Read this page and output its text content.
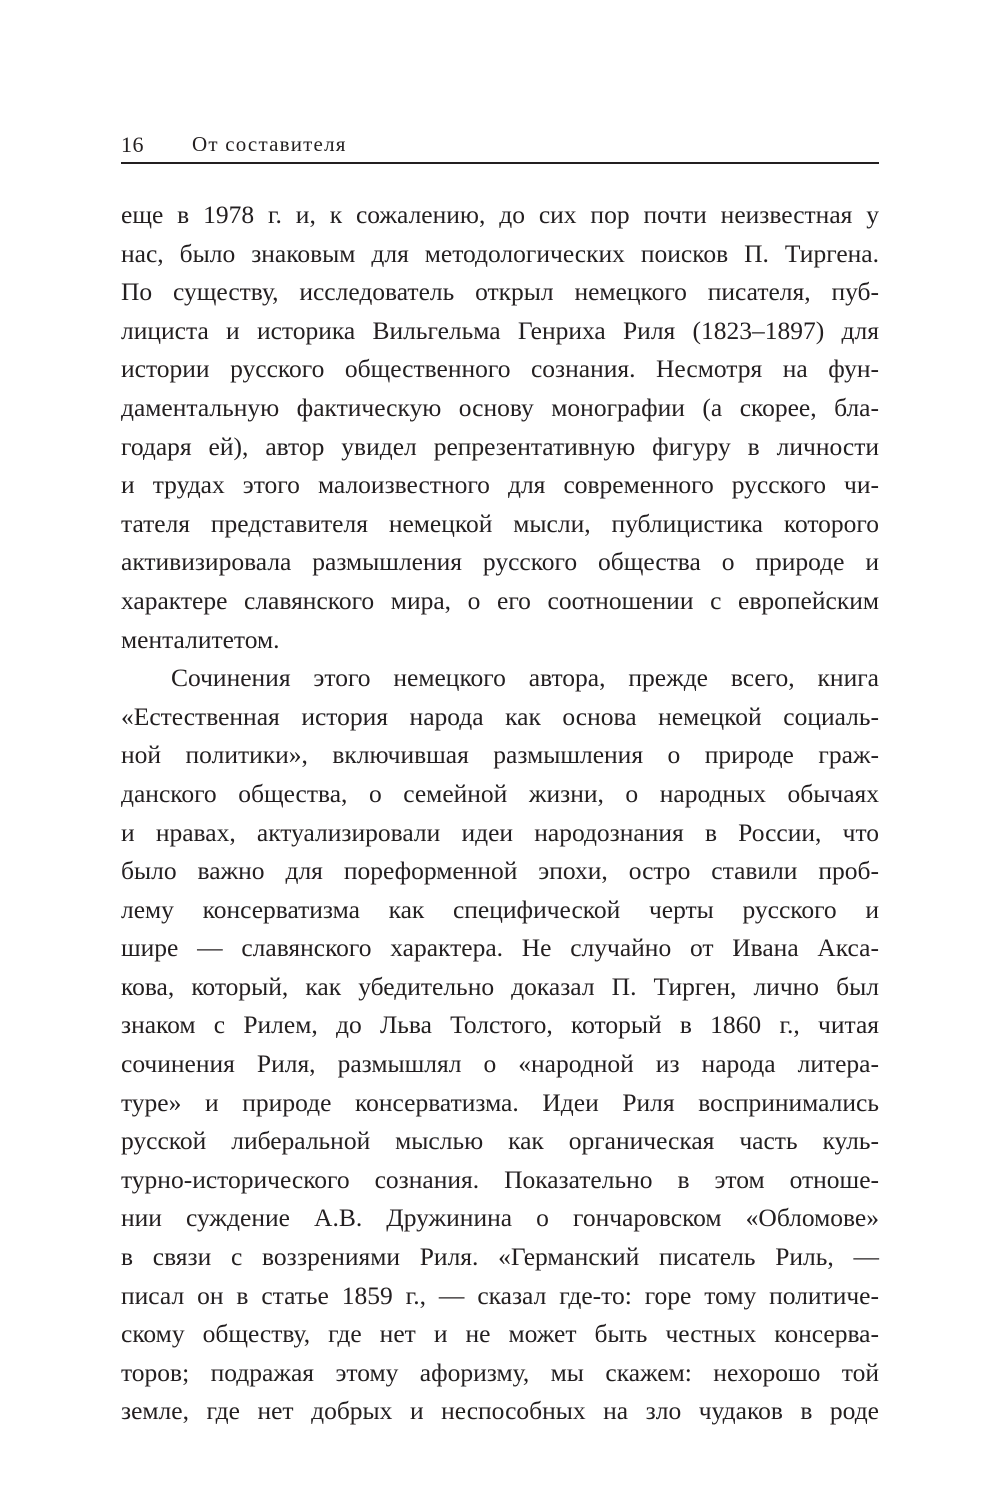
16 От составителя
еще в 1978 г. и, к сожалению, до сих пор почти неизвестная у
нас, было знаковым для методологических поисков П. Тиргена.
По существу, исследователь открыл немецкого писателя, пуб-
лициста и историка Вильгельма Генриха Риля (1823–1897) для
истории русского общественного сознания. Несмотря на фун-
даментальную фактическую основу монографии (а скорее, бла-
годаря ей), автор увидел репрезентативную фигуру в личности
и трудах этого малоизвестного для современного русского чи-
тателя представителя немецкой мысли, публицистика которого
активизировала размышления русского общества о природе и
характере славянского мира, о его соотношении с европейским
менталитетом.
Сочинения этого немецкого автора, прежде всего, книга
«Естественная история народа как основа немецкой социаль-
ной политики», включившая размышления о природе граж-
данского общества, о семейной жизни, о народных обычаях
и нравах, актуализировали идеи народознания в России, что
было важно для пореформенной эпохи, остро ставили проб-
лему консерватизма как специфической черты русского и
шире — славянского характера. Не случайно от Ивана Акса-
кова, который, как убедительно доказал П. Тирген, лично был
знаком с Рилем, до Льва Толстого, который в 1860 г., читая
сочинения Риля, размышлял о «народной из народа литера-
туре» и природе консерватизма. Идеи Риля воспринимались
русской либеральной мыслью как органическая часть куль-
турно-исторического сознания. Показательно в этом отноше-
нии суждение А.В. Дружинина о гончаровском «Обломове»
в связи с воззрениями Риля. «Германский писатель Риль, —
писал он в статье 1859 г., — сказал где-то: горе тому политиче-
скому обществу, где нет и не может быть честных консерва-
торов; подражая этому афоризму, мы скажем: нехорошо той
земле, где нет добрых и неспособных на зло чудаков в роде
